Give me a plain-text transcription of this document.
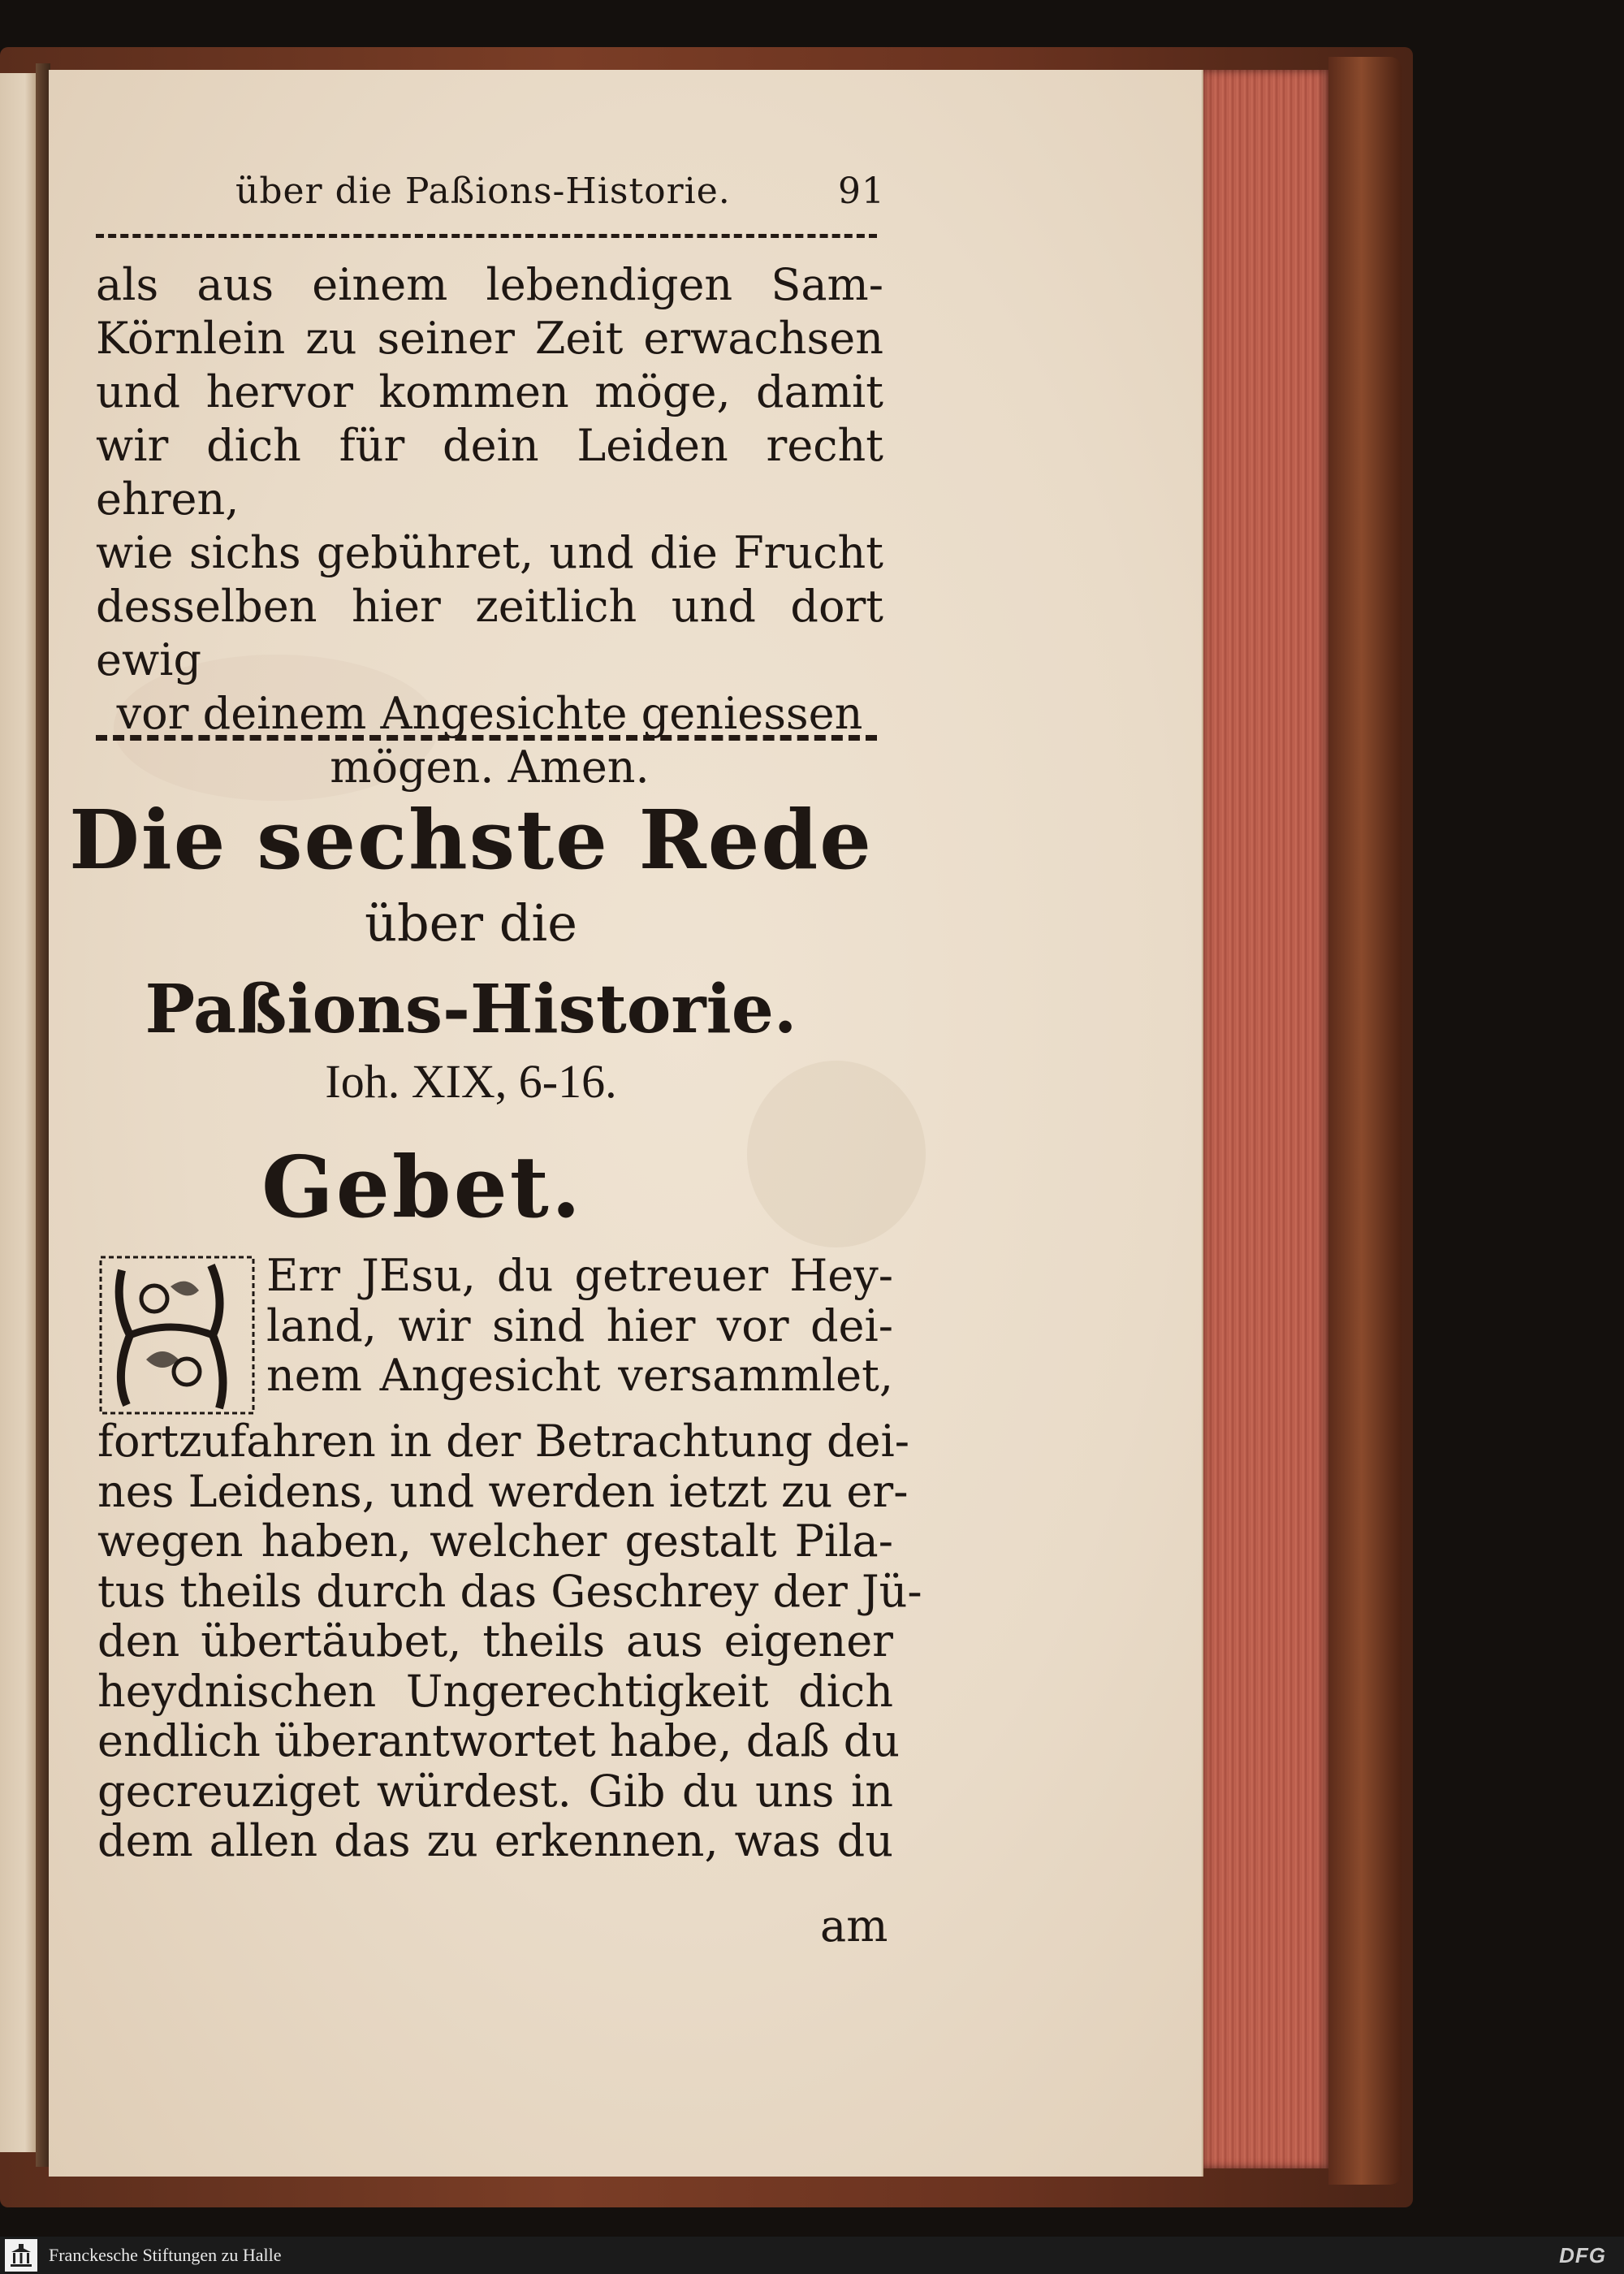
über die Paßions-Historie.	91
als aus einem lebendigen Sam-
Körnlein zu seiner Zeit erwachsen
und hervor kommen möge, damit
wir dich für dein Leiden recht ehren,
wie sichs gebühret, und die Frucht
desselben hier zeitlich und dort ewig
vor deinem Angesichte geniessen
mögen. Amen.
Die sechste Rede
über die
Paßions-Historie.
Ioh. XIX, 6-16.
Gebet.
Err JEsu, du getreuer Hey-
land, wir sind hier vor dei-
nem Angesicht versammlet,
fortzufahren in der Betrachtung dei-
nes Leidens, und werden ietzt zu er-
wegen haben, welcher gestalt Pila-
tus theils durch das Geschrey der Jü-
den übertäubet, theils aus eigener
heydnischen Ungerechtigkeit dich
endlich überantwortet habe, daß du
gecreuziget würdest. Gib du uns in
dem allen das zu erkennen, was du
am
Franckesche Stiftungen zu Halle	DFG
